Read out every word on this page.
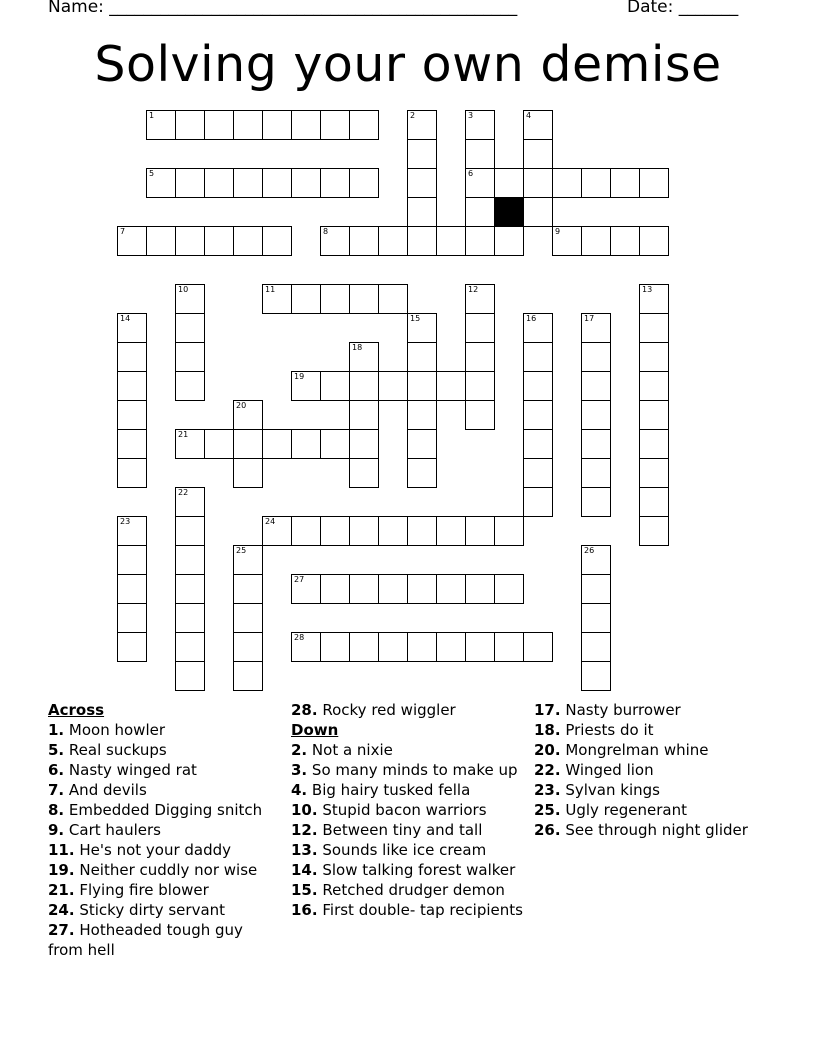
Name: ________________________________________________	Date: _______
Solving your own demise
1	2	3	4
5	6
7	8	9
10	11	12	13
14	15	16	17
18
19
20
21
22
23	24
25	26
27
28
Across
1. Moon howler
5. Real suckups
6. Nasty winged rat
7. And devils
8. Embedded Digging snitch
9. Cart haulers
11. He's not your daddy
19. Neither cuddly nor wise
21. Flying fire blower
24. Sticky dirty servant
27. Hotheaded tough guy from hell
28. Rocky red wiggler
Down
2. Not a nixie
3. So many minds to make up
4. Big hairy tusked fella
10. Stupid bacon warriors
12. Between tiny and tall
13. Sounds like ice cream
14. Slow talking forest walker
15. Retched drudger demon
16. First double- tap recipients
17. Nasty burrower
18. Priests do it
20. Mongrelman whine
22. Winged lion
23. Sylvan kings
25. Ugly regenerant
26. See through night glider
